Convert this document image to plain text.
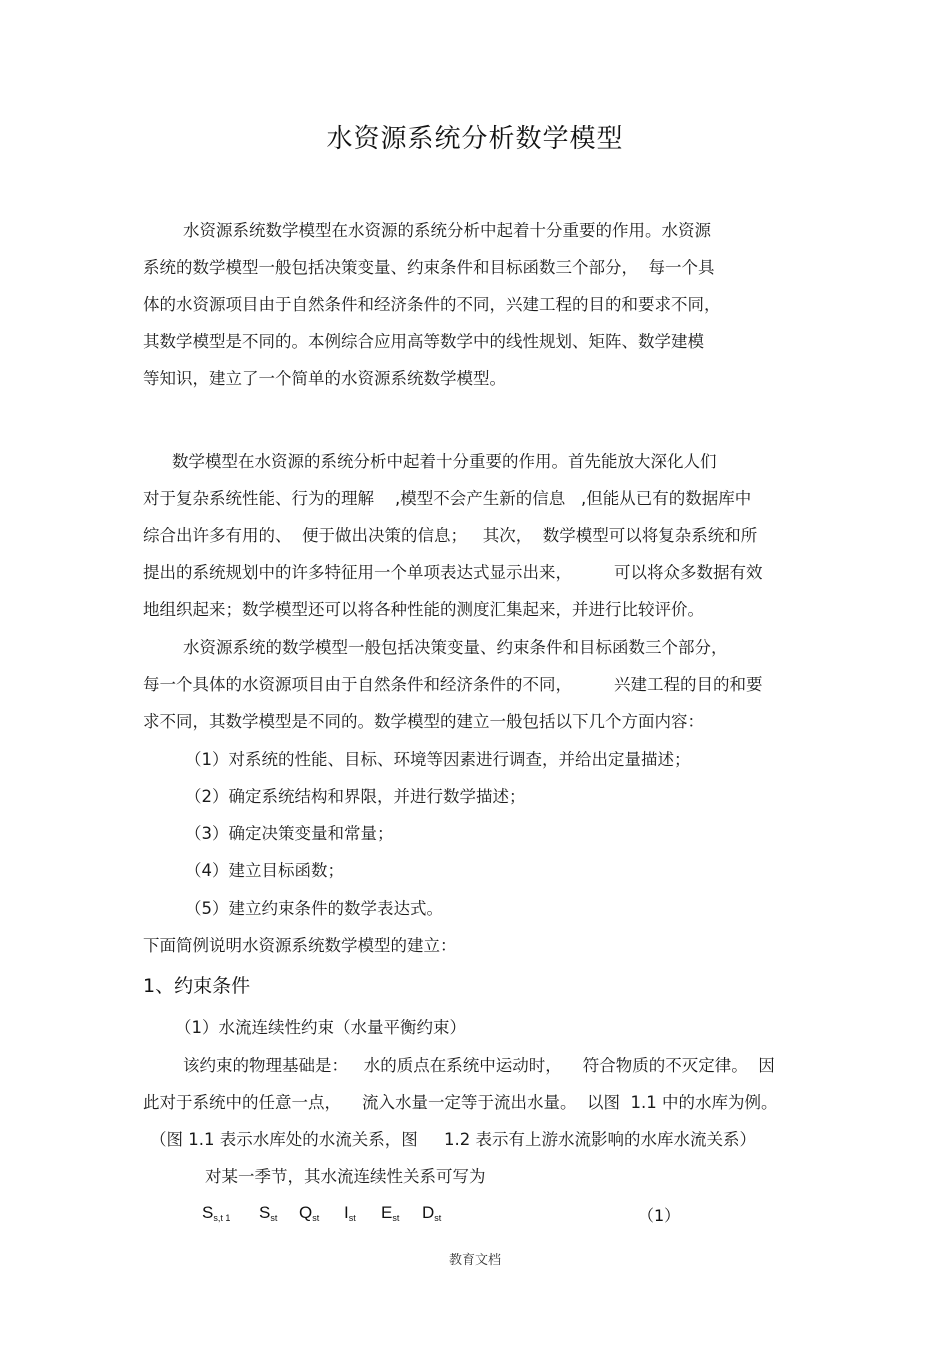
水资源系统分析数学模型
水资源系统数学模型在水资源的系统分析中起着十分重要的作用。水资源
系统的数学模型一般包括决策变量、约束条件和目标函数三个部分，  每一个具
体的水资源项目由于自然条件和经济条件的不同，兴建工程的目的和要求不同，
其数学模型是不同的。本例综合应用高等数学中的线性规划、矩阵、数学建模
等知识，建立了一个简单的水资源系统数学模型。
数学模型在水资源的系统分析中起着十分重要的作用。首先能放大深化人们
对于复杂系统性能、行为的理解    ,模型不会产生新的信息   ,但能从已有的数据库中
综合出许多有用的、  便于做出决策的信息；   其次，  数学模型可以将复杂系统和所
提出的系统规划中的许多特征用一个单项表达式显示出来，        可以将众多数据有效
地组织起来；数学模型还可以将各种性能的测度汇集起来，并进行比较评价。
水资源系统的数学模型一般包括决策变量、约束条件和目标函数三个部分，
每一个具体的水资源项目由于自然条件和经济条件的不同，        兴建工程的目的和要
求不同，其数学模型是不同的。数学模型的建立一般包括以下几个方面内容：
（1）对系统的性能、目标、环境等因素进行调查，并给出定量描述；
（2）确定系统结构和界限，并进行数学描述；
（3）确定决策变量和常量；
（4）建立目标函数；
（5）建立约束条件的数学表达式。
下面简例说明水资源系统数学模型的建立：
1、约束条件
（1）水流连续性约束（水量平衡约束）
该约束的物理基础是：   水的质点在系统中运动时，    符合物质的不灭定律。  因
此对于系统中的任意一点，    流入水量一定等于流出水量。  以图  1.1 中的水库为例。
（图 1.1 表示水库处的水流关系，图     1.2 表示有上游水流影响的水库水流关系）
对某一季节，其水流连续性关系可写为
$S_{s,t 1}$ $S_{st}$ $Q_{st}$ $I_{st}$ $E_{st}$ $D_{st}$	（1）
教育文档
